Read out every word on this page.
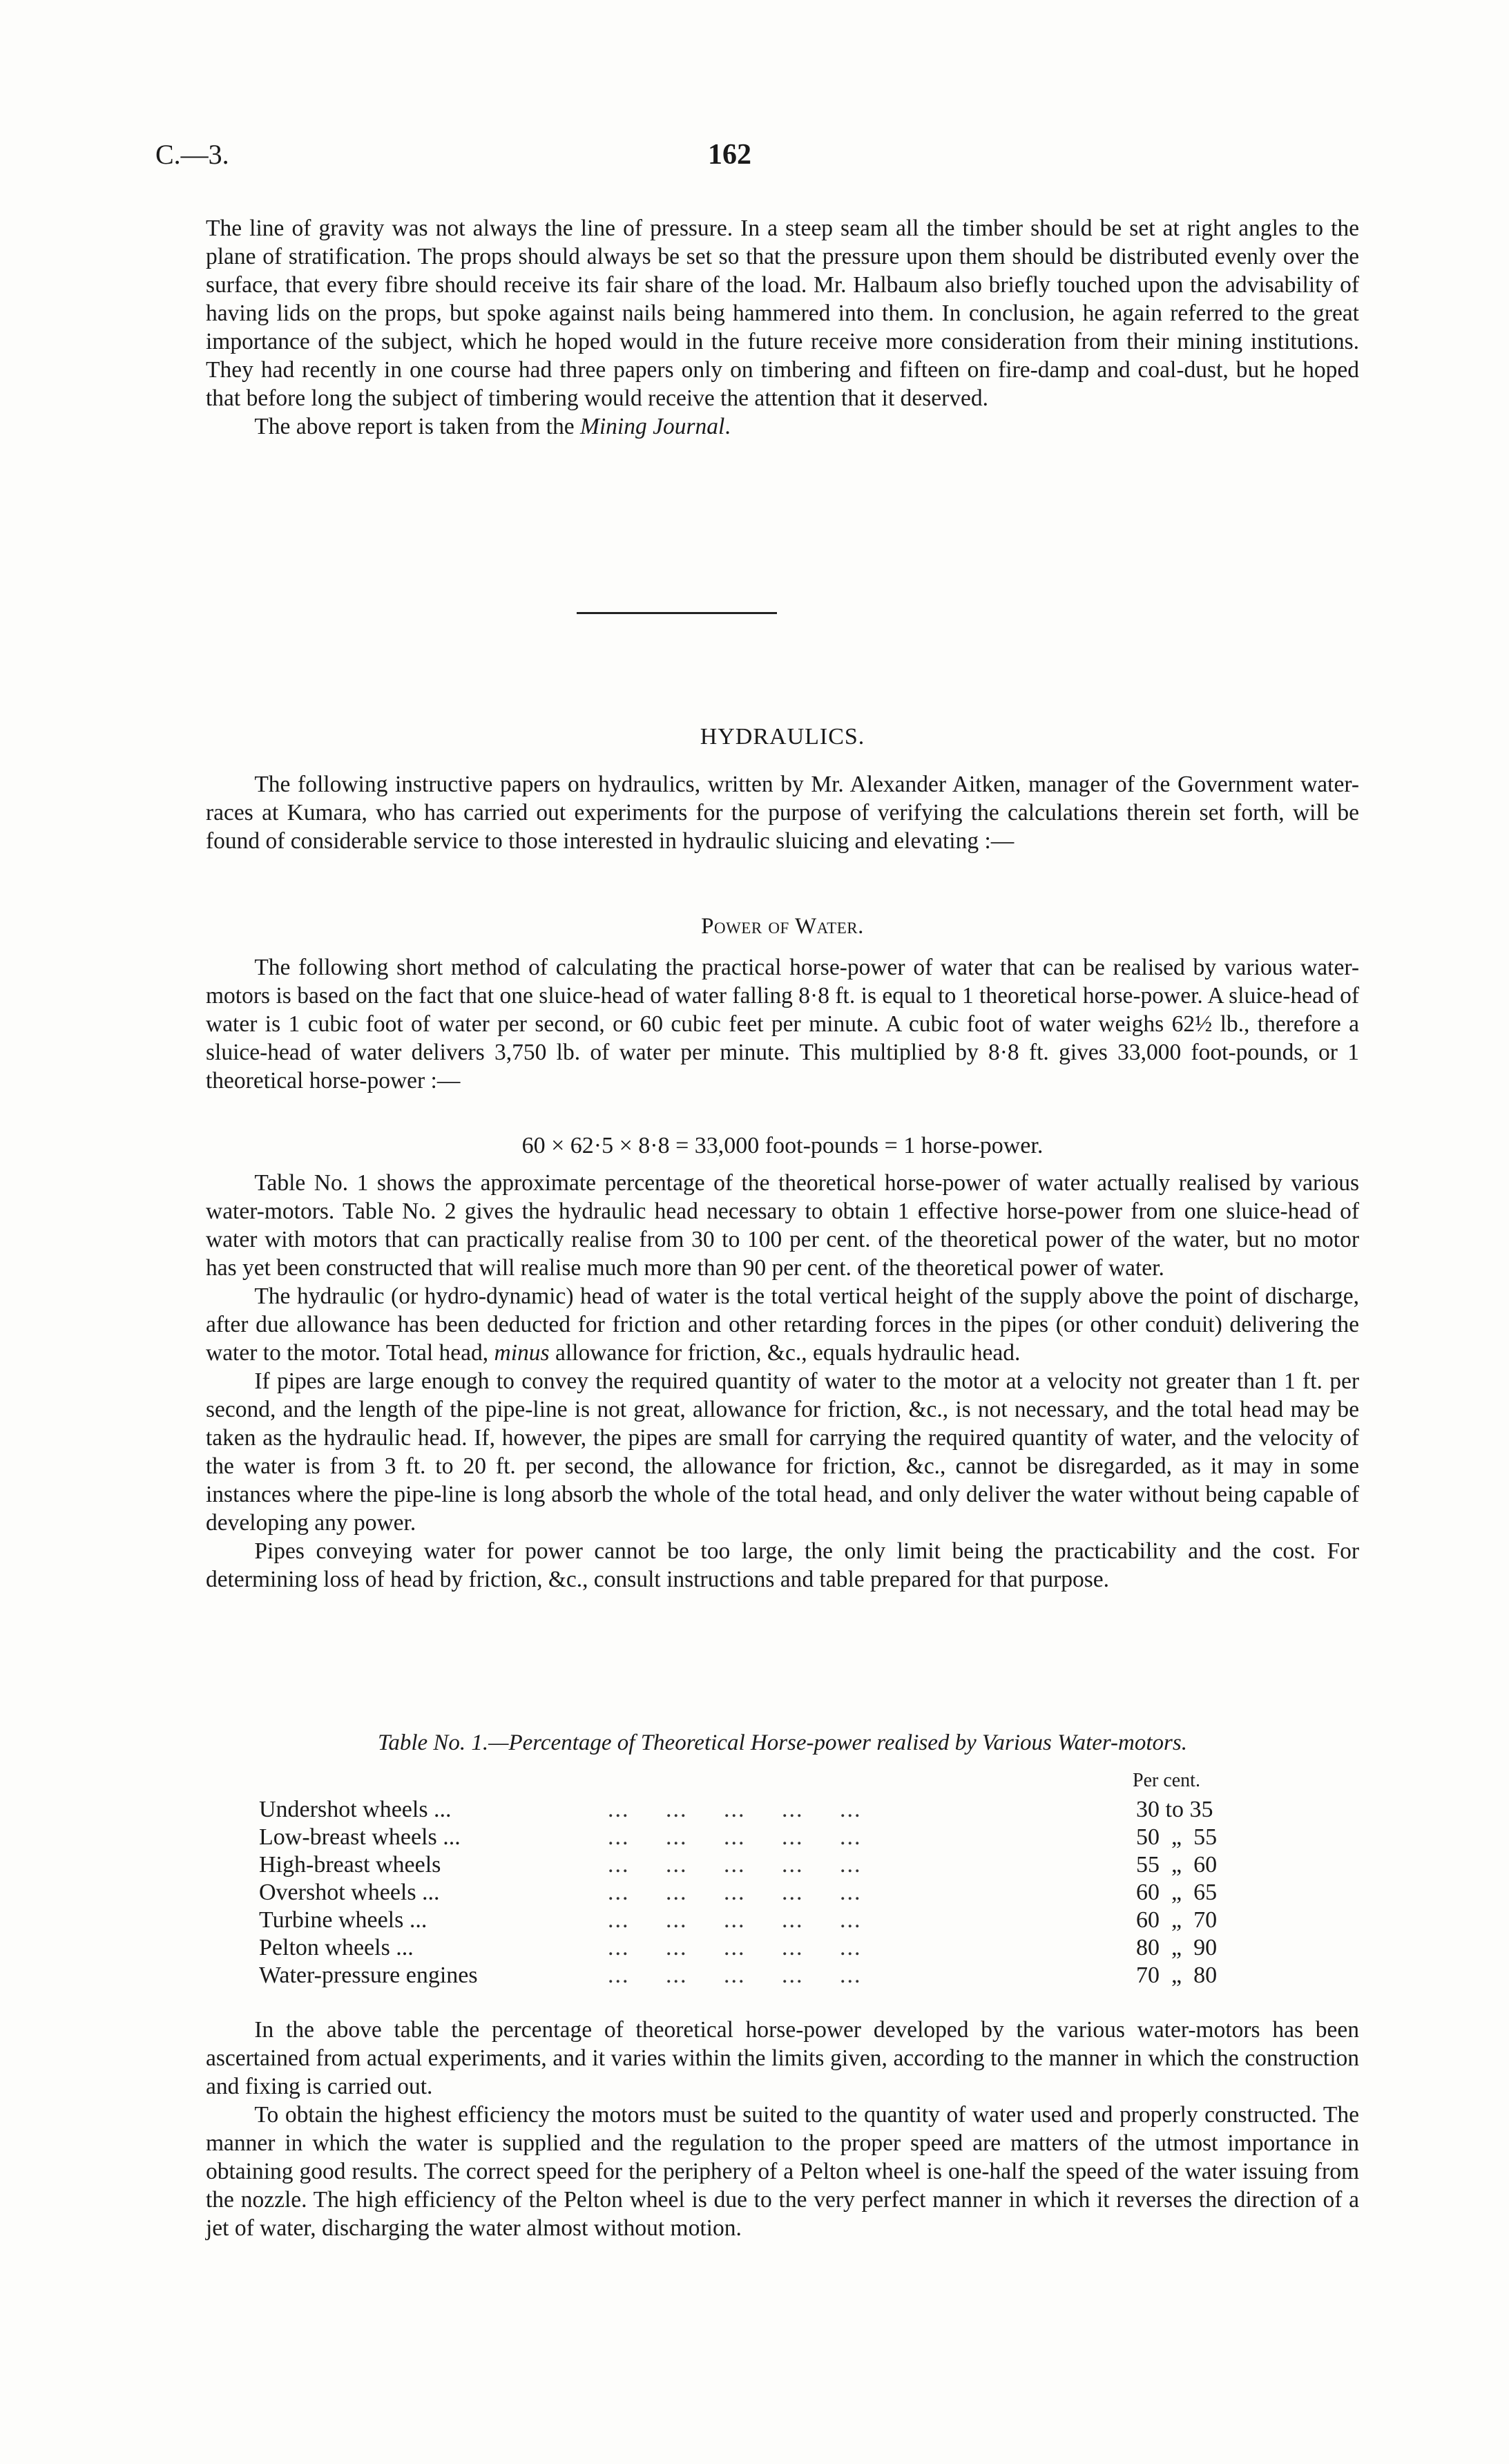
C.—3.	162

The line of gravity was not always the line of pressure. In a steep seam all the timber should be set at right angles to the plane of stratification. The props should always be set so that the pressure upon them should be distributed evenly over the surface, that every fibre should receive its fair share of the load. Mr. Halbaum also briefly touched upon the advisability of having lids on the props, but spoke against nails being hammered into them. In conclusion, he again referred to the great importance of the subject, which he hoped would in the future receive more consideration from their mining institutions. They had recently in one course had three papers only on timbering and fifteen on fire-damp and coal-dust, but he hoped that before long the subject of timbering would receive the attention that it deserved.

The above report is taken from the Mining Journal.

HYDRAULICS.

The following instructive papers on hydraulics, written by Mr. Alexander Aitken, manager of the Government water-races at Kumara, who has carried out experiments for the purpose of verifying the calculations therein set forth, will be found of considerable service to those interested in hydraulic sluicing and elevating :—

Power of Water.

The following short method of calculating the practical horse-power of water that can be realised by various water-motors is based on the fact that one sluice-head of water falling 8·8 ft. is equal to 1 theoretical horse-power. A sluice-head of water is 1 cubic foot of water per second, or 60 cubic feet per minute. A cubic foot of water weighs 62½ lb., therefore a sluice-head of water delivers 3,750 lb. of water per minute. This multiplied by 8·8 ft. gives 33,000 foot-pounds, or 1 theoretical horse-power :—

60 × 62·5 × 8·8 = 33,000 foot-pounds = 1 horse-power.

Table No. 1 shows the approximate percentage of the theoretical horse-power of water actually realised by various water-motors. Table No. 2 gives the hydraulic head necessary to obtain 1 effective horse-power from one sluice-head of water with motors that can practically realise from 30 to 100 per cent. of the theoretical power of the water, but no motor has yet been constructed that will realise much more than 90 per cent. of the theoretical power of water.

The hydraulic (or hydro-dynamic) head of water is the total vertical height of the supply above the point of discharge, after due allowance has been deducted for friction and other retarding forces in the pipes (or other conduit) delivering the water to the motor. Total head, minus allowance for friction, &c., equals hydraulic head.

If pipes are large enough to convey the required quantity of water to the motor at a velocity not greater than 1 ft. per second, and the length of the pipe-line is not great, allowance for friction, &c., is not necessary, and the total head may be taken as the hydraulic head. If, however, the pipes are small for carrying the required quantity of water, and the velocity of the water is from 3 ft. to 20 ft. per second, the allowance for friction, &c., cannot be disregarded, as it may in some instances where the pipe-line is long absorb the whole of the total head, and only deliver the water without being capable of developing any power.

Pipes conveying water for power cannot be too large, the only limit being the practicability and the cost. For determining loss of head by friction, &c., consult instructions and table prepared for that purpose.

Table No. 1.—Percentage of Theoretical Horse-power realised by Various Water-motors.
Per cent.
Undershot wheels ...	...     ...     ...     ...     ...	30 to 35
Low-breast wheels ...	...     ...     ...     ...     ...	50  „  55
High-breast wheels	...     ...     ...     ...     ...	55  „  60
Overshot wheels ...	...     ...     ...     ...     ...	60  „  65
Turbine wheels ...	...     ...     ...     ...     ...	60  „  70
Pelton wheels ...	...     ...     ...     ...     ...	80  „  90
Water-pressure engines	...     ...     ...     ...     ...	70  „  80

In the above table the percentage of theoretical horse-power developed by the various water-motors has been ascertained from actual experiments, and it varies within the limits given, according to the manner in which the construction and fixing is carried out.

To obtain the highest efficiency the motors must be suited to the quantity of water used and properly constructed. The manner in which the water is supplied and the regulation to the proper speed are matters of the utmost importance in obtaining good results. The correct speed for the periphery of a Pelton wheel is one-half the speed of the water issuing from the nozzle. The high efficiency of the Pelton wheel is due to the very perfect manner in which it reverses the direction of a jet of water, discharging the water almost without motion.
